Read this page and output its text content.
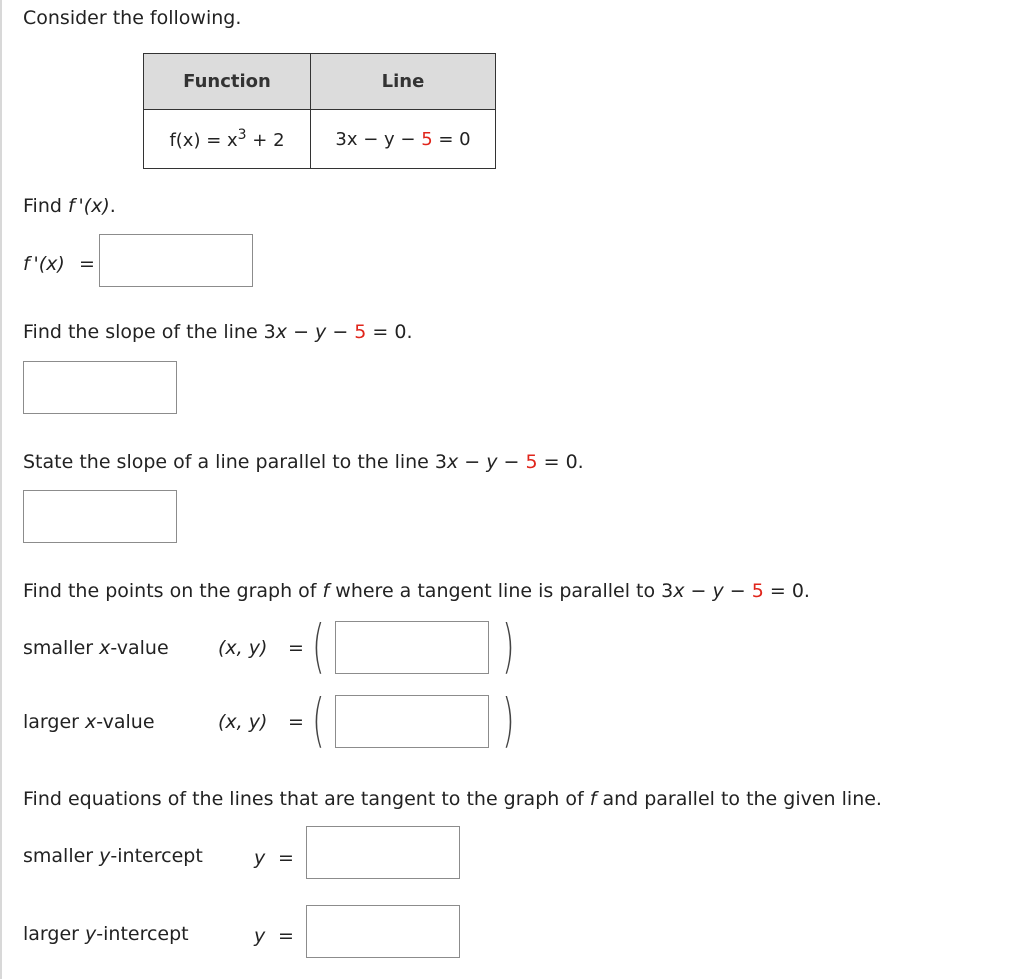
Consider the following.
Function	Line
$f(x) = x^3 + 2$	3x − y − 5 = 0
Find f '(x).
f '(x) =
Find the slope of the line 3x − y − 5 = 0.
State the slope of a line parallel to the line 3x − y − 5 = 0.
Find the points on the graph of f where a tangent line is parallel to 3x − y − 5 = 0.
smaller x-value	(x, y) = (	)
larger x-value	(x, y) = (	)
Find equations of the lines that are tangent to the graph of f and parallel to the given line.
smaller y-intercept	y =
larger y-intercept	y =
